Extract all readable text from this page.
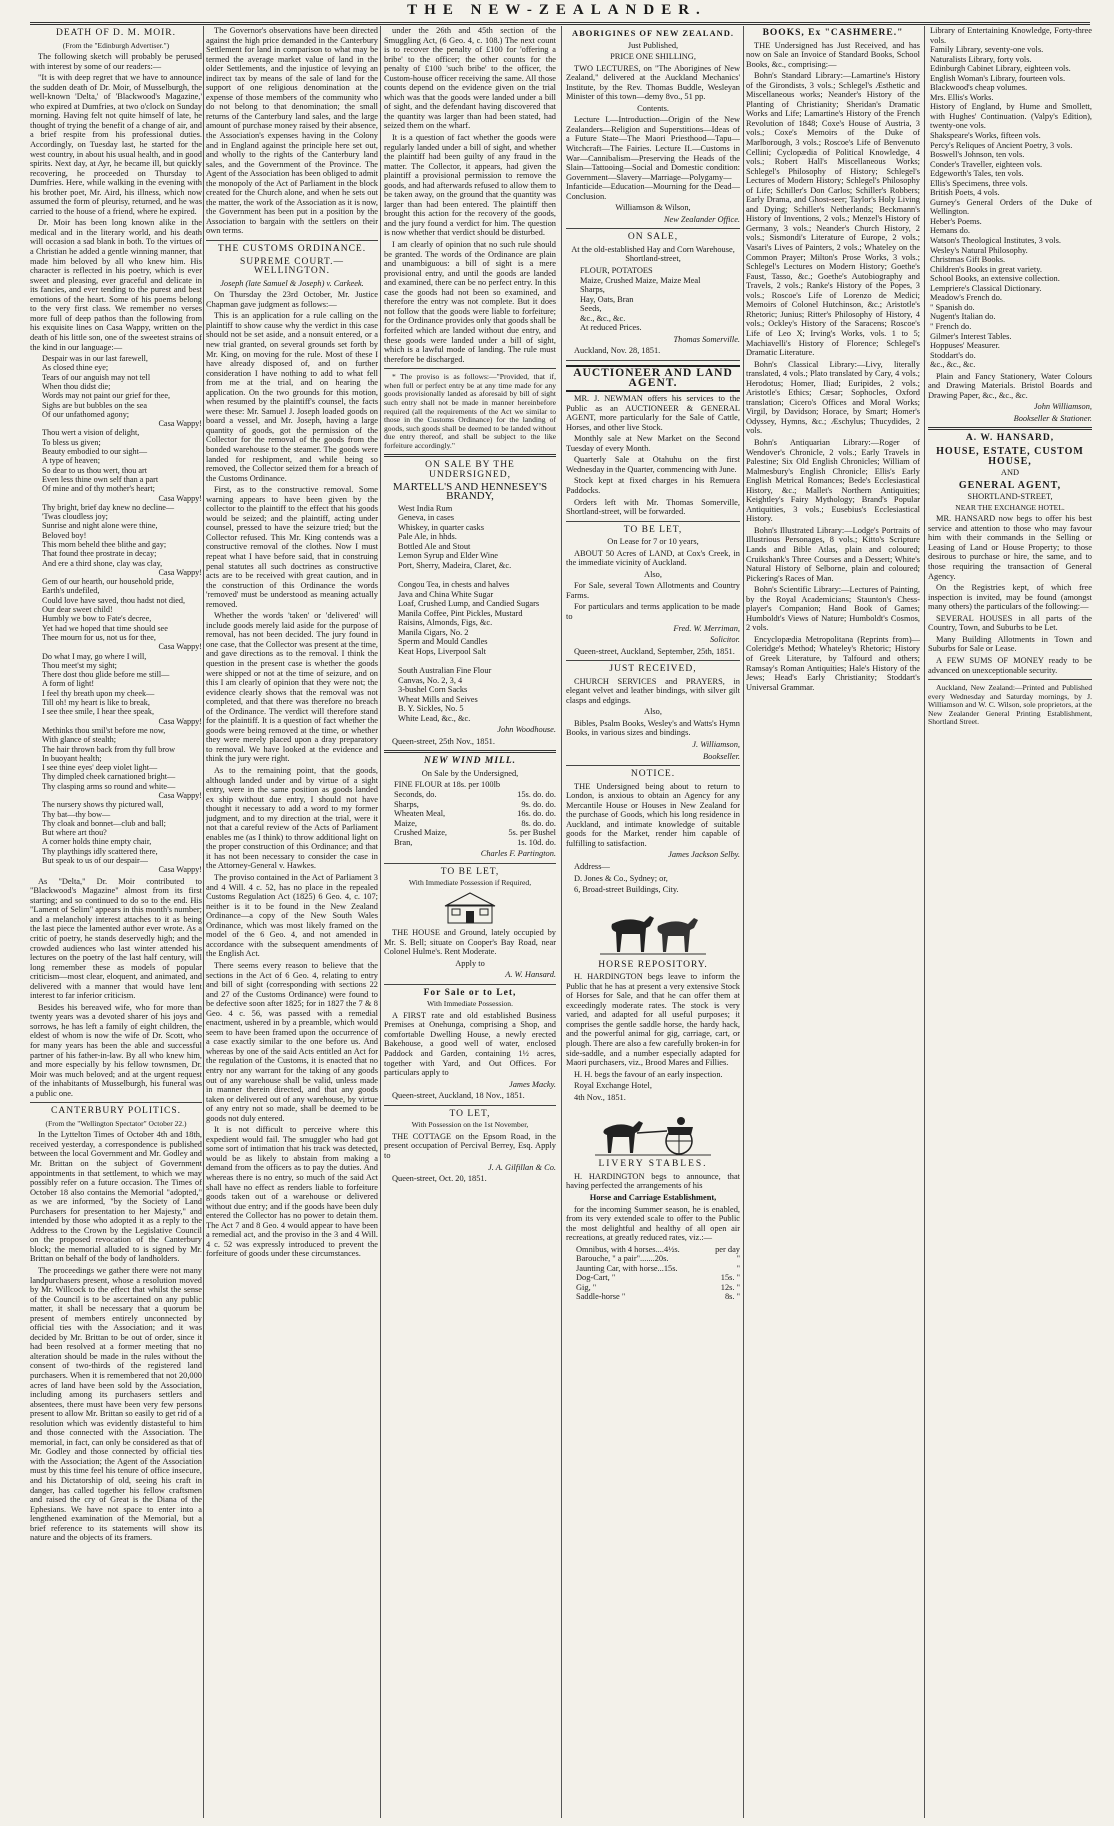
THE NEW-ZEALANDER.
DEATH OF D. M. MOIR.
(From the "Edinburgh Advertiser.")

The following sketch will probably be perused with interest by some of our readers:—

"It is with deep regret that we have to announce the sudden death of Dr. Moir, of Musselburgh, the well-known 'Delta,' of 'Blackwood's Magazine,' who expired at Dumfries, at two o'clock on Sunday morning. Having felt not quite himself of late, he thought of trying the benefit of a change of air, and a brief respite from his professional duties. Accordingly, on Tuesday last, he started for the west country, in about his usual health, and in good spirits. Next day, at Ayr, he became ill, but quickly recovering, he proceeded on Thursday to Dumfries. Here, while walking in the evening with his brother poet, Mr. Aird, his illness, which now assumed the form of pleurisy, returned, and he was carried to the house of a friend, where he expired.

Dr. Moir has been long known alike in the medical and in the literary world, and his death will occasion a sad blank in both. To the virtues of a Christian he added a gentle winning manner, that made him beloved by all who knew him. His character is reflected in his poetry, which is ever sweet and pleasing, ever graceful and delicate in its fancies, and ever tending to the purest and best emotions of the heart. Some of his poems belong to the very first class. We remember no verses more full of deep pathos than the following from his exquisite lines on Casa Wappy, written on the death of his little son, one of the sweetest strains of the kind in our language:—

Despair was in our last farewell,
As closed thine eye;
Tears of our anguish may not tell
When thou didst die;
Words may not paint our grief for thee,
Sighs are but bubbles on the sea
Of our unfathomed agony;
Casa Wappy!
Thou wert a vision of delight,
To bless us given;
Beauty embodied to our sight—
A type of heaven;
So dear to us thou wert, thou art
Even less thine own self than a part
Of mine and of thy mother's heart;
Casa Wappy!
Thy bright, brief day knew no decline—
'Twas cloudless joy;
Sunrise and night alone were thine,
Beloved boy!
This morn beheld thee blithe and gay;
That found thee prostrate in decay;
And ere a third shone, clay was clay,
Casa Wappy!
Gem of our hearth, our household pride,
Earth's undefiled,
Could love have saved, thou hadst not died,
Our dear sweet child!
Humbly we bow to Fate's decree,
Yet had we hoped that time should see
Thee mourn for us, not us for thee,
Casa Wappy!
Do what I may, go where I will,
Thou meet'st my sight;
There dost thou glide before me still—
A form of light!
I feel thy breath upon my cheek—
Till oh! my heart is like to break,
I see thee smile, I hear thee speak,
Casa Wappy!
Methinks thou smil'st before me now,
With glance of stealth;
The hair thrown back from thy full brow
In buoyant health;
I see thine eyes' deep violet light—
Thy dimpled cheek carnationed bright—
Thy clasping arms so round and white—
Casa Wappy!
The nursery shows thy pictured wall,
Thy bat—thy bow—
Thy cloak and bonnet—club and ball;
But where art thou?
A corner holds thine empty chair,
Thy playthings idly scattered there,
But speak to us of our despair—
Casa Wappy!

As "Delta," Dr. Moir contributed to "Blackwood's Magazine" almost from its first starting; and so continued to do so to the end. His "Lament of Selim" appears in this month's number; and a melancholy interest attaches to it as being the last piece the lamented author ever wrote. As a critic of poetry, he stands deservedly high; and the crowded audiences who last winter attended his lectures on the poetry of the last half century, will long remember these as models of popular criticism—most clear, eloquent, and animated, and delivered with a manner that would have lent interest to far inferior criticism.

Besides his bereaved wife, who for more than twenty years was a devoted sharer of his joys and sorrows, he has left a family of eight children, the eldest of whom is now the wife of Dr. Scott, who for many years has been the able and successful partner of his father-in-law. By all who knew him, and more especially by his fellow townsmen, Dr. Moir was much beloved; and at the urgent request of the inhabitants of Musselburgh, his funeral was a public one.

CANTERBURY POLITICS.
(From the "Wellington Spectator" October 22.)

In the Lyttelton Times of October 4th and 18th, received yesterday, a correspondence is published between the local Government and Mr. Godley and Mr. Brittan on the subject of Government appointments in that settlement, to which we may possibly refer on a future occasion. The Times of October 18 also contains the Memorial "adopted," as we are informed, "by the Society of Land Purchasers for presentation to her Majesty," and intended by those who adopted it as a reply to the Address to the Crown by the Legislative Council on the proposed revocation of the Canterbury block; the memorial alluded to is signed by Mr. Brittan on behalf of the body of landholders.

The proceedings we gather there were not many landpurchasers present, whose a resolution moved by Mr. Willcock to the effect that whilst the sense of the Council is to be ascertained on any public matter, it shall be necessary that a quorum be present of members entirely unconnected by official ties with the Association; and it was decided by Mr. Brittan to be out of order, since it had been resolved at a former meeting that no alteration should be made in the rules without the consent of two-thirds of the registered land purchasers. When it is remembered that not 20,000 acres of land have been sold by the Association, including among its purchasers settlers and absentees, there must have been very few persons present to allow Mr. Brittan so easily to get rid of a resolution which was evidently distasteful to him and those connected with the Association. The memorial, in fact, can only be considered as that of Mr. Godley and those connected by official ties with the Association; the Agent of the Association must by this time feel his tenure of office insecure, and his Dictatorship of old, seeing his craft in danger, has called together his fellow craftsmen and raised the cry of Great is the Diana of the Ephesians. We have not space to enter into a lengthened examination of the Memorial, but a brief reference to its statements will show its nature and the objects of its framers.

The Governor's observations have been directed against the high price demanded in the Canterbury Settlement for land in comparison to what may be termed the average market value of land in the older Settlements, and the injustice of levying an indirect tax by means of the sale of land for the support of one religious denomination at the expense of those members of the community who do not belong to that denomination; the small returns of the Canterbury land sales, and the large amount of purchase money raised by their absence, the Association's expenses having in the Colony and in England against the principle here set out, and wholly to the rights of the Canterbury land sales, and the Government of the Province. The Agent of the Association has been obliged to admit the monopoly of the Act of Parliament in the block created for the Church alone, and when he sets out the matter, the work of the Association as it is now, the Government has been put in a position by the Association to bargain with the settlers on their own terms.

THE CUSTOMS ORDINANCE.
SUPREME COURT.—WELLINGTON.

Joseph (late Samuel & Joseph) v. Carkeek.

On Thursday the 23rd October, Mr. Justice Chapman gave judgment as follows:—

This is an application for a rule calling on the plaintiff to show cause why the verdict in this case should not be set aside, and a nonsuit entered, or a new trial granted, on several grounds set forth by Mr. King, on moving for the rule. Most of these I have already disposed of, and on further consideration I have nothing to add to what fell from me at the trial, and on hearing the application. On the two grounds for this motion, when resumed by the plaintiff's counsel, the facts were these: Mr. Samuel J. Joseph loaded goods on board a vessel, and Mr. Joseph, having a large quantity of goods, got the permission of the Collector for the removal of the goods from the bonded warehouse to the steamer. The goods were landed for reshipment, and while being so removed, the Collector seized them for a breach of the Customs Ordinance.

First, as to the constructive removal. Some warning appears to have been given by the collector to the plaintiff to the effect that his goods would be seized; and the plaintiff, acting under counsel, pressed to have the seizure tried; but the Collector refused. This Mr. King contends was a constructive removal of the clothes. Now I must repeat what I have before said, that in construing penal statutes all such doctrines as constructive acts are to be received with great caution, and in the construction of this Ordinance the words 'removed' must be understood as meaning actually removed.

Whether the words 'taken' or 'delivered' will include goods merely laid aside for the purpose of removal, has not been decided. The jury found in one case, that the Collector was present at the time, and gave directions as to the removal. I think the question in the present case is whether the goods were shipped or not at the time of seizure, and on this I am clearly of opinion that they were not; the evidence clearly shows that the removal was not completed, and that there was therefore no breach of the Ordinance. The verdict will therefore stand for the plaintiff. It is a question of fact whether the goods were being removed at the time, or whether they were merely placed upon a dray preparatory to removal. We have looked at the evidence and think the jury were right.

As to the remaining point, that the goods, although landed under and by virtue of a sight entry, were in the same position as goods landed ex ship without due entry, I should not have thought it necessary to add a word to my former judgment, and to my direction at the trial, were it not that a careful review of the Acts of Parliament enables me (as I think) to throw additional light on the proper construction of this Ordinance; and that it has not been necessary to consider the case in the Attorney-General v. Hawkes.

The proviso contained in the Act of Parliament 3 and 4 Will. 4 c. 52, has no place in the repealed Customs Regulation Act (1825) 6 Geo. 4, c. 107; neither is it to be found in the New Zealand Ordinance—a copy of the New South Wales Ordinance, which was most likely framed on the model of the 6 Geo. 4, and not amended in accordance with the subsequent amendments of the English Act.

There seems every reason to believe that the sections in the Act of 6 Geo. 4, relating to entry and bill of sight (corresponding with sections 22 and 27 of the Customs Ordinance) were found to be defective soon after 1825; for in 1827 the 7 & 8 Geo. 4 c. 56, was passed with a remedial enactment, ushered in by a preamble, which would seem to have been framed upon the occurrence of a case exactly similar to the one before us. And whereas by one of the said Acts entitled an Act for the regulation of the Customs, it is enacted that no entry nor any warrant for the taking of any goods out of any warehouse shall be valid, unless made in manner therein directed, and that any goods taken or delivered out of any warehouse, by virtue of any entry not so made, shall be deemed to be goods not duly entered.

It is not difficult to perceive where this expedient would fail. The smuggler who had got some sort of intimation that his track was detected, would be as likely to abstain from making a demand from the officers as to pay the duties. And whereas there is no entry, so much of the said Act shall have no effect as renders liable to forfeiture goods taken out of a warehouse or delivered without due entry; and if the goods have been duly entered the Collector has no power to detain them. The Act 7 and 8 Geo. 4 would appear to have been a remedial act, and the proviso in the 3 and 4 Will. 4 c. 52 was expressly introduced to prevent the forfeiture of goods under these circumstances.

under the 26th and 45th section of the Smuggling Act, (6 Geo. 4, c. 108.) The next count is to recover the penalty of £100 for 'offering a bribe' to the officer; the other counts for the penalty of £100 'such bribe' to the officer, the Custom-house officer receiving the same. All those counts depend on the evidence given on the trial which was that the goods were landed under a bill of sight, and the defendant having discovered that the quantity was larger than had been stated, had seized them on the wharf.

It is a question of fact whether the goods were regularly landed under a bill of sight, and whether the plaintiff had been guilty of any fraud in the matter. The Collector, it appears, had given the plaintiff a provisional permission to remove the goods, and had afterwards refused to allow them to be taken away, on the ground that the quantity was larger than had been entered. The plaintiff then brought this action for the recovery of the goods, and the jury found a verdict for him. The question is now whether that verdict should be disturbed.

I am clearly of opinion that no such rule should be granted. The words of the Ordinance are plain and unambiguous: a bill of sight is a mere provisional entry, and until the goods are landed and examined, there can be no perfect entry. In this case the goods had not been so examined, and therefore the entry was not complete. But it does not follow that the goods were liable to forfeiture; for the Ordinance provides only that goods shall be forfeited which are landed without due entry, and these goods were landed under a bill of sight, which is a lawful mode of landing. The rule must therefore be discharged.

* The proviso is as follows:—"Provided, that if, when full or perfect entry be at any time made for any goods provisionally landed as aforesaid by bill of sight such entry shall not be made in manner hereinbefore required (all the requirements of the Act we similar to those in the Customs Ordinance) for the landing of goods, such goods shall be deemed to be landed without due entry thereof, and shall be subject to the like forfeiture accordingly."

ON SALE BY THE UNDERSIGNED,

MARTELL'S AND HENNESEY'S BRANDY,

West India Rum
Geneva, in cases
Whiskey, in quarter casks
Pale Ale, in hhds.
Bottled Ale and Stout
Lemon Syrup and Elder Wine
Port, Sherry, Madeira, Claret, &c.

Congou Tea, in chests and halves
Java and China White Sugar
Loaf, Crushed Lump, and Candied Sugars
Manila Coffee, Pint Pickles, Mustard
Raisins, Almonds, Figs, &c.
Manila Cigars, No. 2
Sperm and Mould Candles
Keat Hops, Liverpool Salt

South Australian Fine Flour
Canvas, No. 2, 3, 4
3-bushel Corn Sacks
Wheat Mills and Seives
B. Y. Sickles, No. 5
White Lead, &c., &c.

John Woodhouse.

Queen-street, 25th Nov., 1851.

NEW WIND MILL.

On Sale by the Undersigned,

FINE FLOUR at 18s. per 100lb
Seconds, do.	15s. do. do.
Sharps,	9s. do. do.
Wheaten Meal,	16s. do. do.
Maize,	8s. do. do.
Crushed Maize,	5s. per Bushel
Bran,	1s. 10d. do.

Charles F. Partington.

TO BE LET,

With Immediate Possession if Required,

THE HOUSE and Ground, lately occupied by Mr. S. Bell; situate on Cooper's Bay Road, near Colonel Hulme's. Rent Moderate.

Apply to

A. W. Hansard.

For Sale or to Let,

With Immediate Possession.

A FIRST rate and old established Business Premises at Onehunga, comprising a Shop, and comfortable Dwelling House, a newly erected Bakehouse, a good well of water, enclosed Paddock and Garden, containing 1½ acres, together with Yard, and Out Offices. For particulars apply to

James Macky.

Queen-street, Auckland, 18 Nov., 1851.

TO LET,

With Possession on the 1st November,

THE COTTAGE on the Epsom Road, in the present occupation of Percival Berrey, Esq. Apply to

J. A. Gilfillan & Co.

Queen-street, Oct. 20, 1851.

ABORIGINES OF NEW ZEALAND.

Just Published,

PRICE ONE SHILLING,

TWO LECTURES, on "The Aborigines of New Zealand," delivered at the Auckland Mechanics' Institute, by the Rev. Thomas Buddle, Wesleyan Minister of this town—demy 8vo., 51 pp.

Contents.

Lecture I.—Introduction—Origin of the New Zealanders—Religion and Superstitions—Ideas of a Future State—The Maori Priesthood—Tapu—Witchcraft—The Fairies. Lecture II.—Customs in War—Cannibalism—Preserving the Heads of the Slain—Tattooing—Social and Domestic condition: Government—Slavery—Marriage—Polygamy—Infanticide—Education—Mourning for the Dead—Conclusion.

Williamson & Wilson,

New Zealander Office.

ON SALE,

At the old-established Hay and Corn Warehouse, Shortland-street,

FLOUR, POTATOES
Maize, Crushed Maize, Maize Meal
Sharps,
Hay, Oats, Bran
Seeds,
&c., &c., &c.
At reduced Prices.

Thomas Somerville.

Auckland, Nov. 28, 1851.

AUCTIONEER AND LAND AGENT.

MR. J. NEWMAN offers his services to the Public as an AUCTIONEER & GENERAL AGENT, more particularly for the Sale of Cattle, Horses, and other live Stock.

Monthly sale at New Market on the Second Tuesday of every Month.

Quarterly Sale at Otahuhu on the first Wednesday in the Quarter, commencing with June.

Stock kept at fixed charges in his Remuera Paddocks.

Orders left with Mr. Thomas Somerville, Shortland-street, will be forwarded.

TO BE LET,

On Lease for 7 or 10 years,

ABOUT 50 Acres of LAND, at Cox's Creek, in the immediate vicinity of Auckland.

Also,

For Sale, several Town Allotments and Country Farms.

For particulars and terms application to be made to

Fred. W. Merriman,

Solicitor.

Queen-street, Auckland, September, 25th, 1851.

JUST RECEIVED,

CHURCH SERVICES and PRAYERS, in elegant velvet and leather bindings, with silver gilt clasps and edgings.

Also,

Bibles, Psalm Books, Wesley's and Watts's Hymn Books, in various sizes and bindings.

J. Williamson,

Bookseller.

NOTICE.

THE Undersigned being about to return to London, is anxious to obtain an Agency for any Mercantile House or Houses in New Zealand for the purchase of Goods, which his long residence in Auckland, and intimate knowledge of suitable goods for the Market, render him capable of fulfilling to satisfaction.

James Jackson Selby.

Address—

D. Jones & Co., Sydney; or,

6, Broad-street Buildings, City.

HORSE REPOSITORY.

H. HARDINGTON begs leave to inform the Public that he has at present a very extensive Stock of Horses for Sale, and that he can offer them at exceedingly moderate rates. The stock is very varied, and adapted for all useful purposes; it comprises the gentle saddle horse, the hardy hack, and the powerful animal for gig, carriage, cart, or plough. There are also a few carefully broken-in for side-saddle, and a number especially adapted for Maori purchasers, viz., Brood Mares and Fillies.

H. H. begs the favour of an early inspection.

Royal Exchange Hotel,

4th Nov., 1851.

LIVERY STABLES.

H. HARDINGTON begs to announce, that having perfected the arrangements of his

Horse and Carriage Establishment,

for the incoming Summer season, he is enabled, from its very extended scale to offer to the Public the most delightful and healthy of all open air recreations, at greatly reduced rates, viz.:—

Omnibus, with 4 horses....4½s.	per day
Barouche, " a pair".......20s.	"
Jaunting Car, with horse...15s.	"
Dog-Cart, "	15s. "
Gig, "	12s. "
Saddle-horse "	8s. "
BOOKS, Ex "CASHMERE."

THE Undersigned has Just Received, and has now on Sale an Invoice of Standard Books, School Books, &c., comprising:—

Bohn's Standard Library:—Lamartine's History of the Girondists, 3 vols.; Schlegel's Æsthetic and Miscellaneous works; Neander's History of the Planting of Christianity; Sheridan's Dramatic Works and Life; Lamartine's History of the French Revolution of 1848; Coxe's House of Austria, 3 vols.; Coxe's Memoirs of the Duke of Marlborough, 3 vols.; Roscoe's Life of Benvenuto Cellini; Cyclopædia of Political Knowledge, 4 vols.; Robert Hall's Miscellaneous Works; Schlegel's Philosophy of History; Schlegel's Lectures of Modern History; Schlegel's Philosophy of Life; Schiller's Don Carlos; Schiller's Robbers; Early Drama, and Ghost-seer; Taylor's Holy Living and Dying; Schiller's Netherlands; Beckmann's History of Inventions, 2 vols.; Menzel's History of Germany, 3 vols.; Neander's Church History, 2 vols.; Sismondi's Literature of Europe, 2 vols.; Vasari's Lives of Painters, 2 vols.; Whateley on the Common Prayer; Milton's Prose Works, 3 vols.; Schlegel's Lectures on Modern History; Goethe's Faust, Tasso, &c.; Goethe's Autobiography and Travels, 2 vols.; Ranke's History of the Popes, 3 vols.; Roscoe's Life of Lorenzo de Medici; Memoirs of Colonel Hutchinson, &c.; Aristotle's Rhetoric; Junius; Ritter's Philosophy of History, 4 vols.; Ockley's History of the Saracens; Roscoe's Life of Leo X; Irving's Works, vols. 1 to 5; Machiavelli's History of Florence; Schlegel's Dramatic Literature.

Bohn's Classical Library:—Livy, literally translated, 4 vols.; Plato translated by Cary, 4 vols.; Herodotus; Homer, Iliad; Euripides, 2 vols.; Aristotle's Ethics; Cæsar; Sophocles, Oxford translation; Cicero's Offices and Moral Works; Virgil, by Davidson; Horace, by Smart; Homer's Odyssey, Hymns, &c.; Æschylus; Thucydides, 2 vols.

Bohn's Antiquarian Library:—Roger of Wendover's Chronicle, 2 vols.; Early Travels in Palestine; Six Old English Chronicles; William of Malmesbury's English Chronicle; Ellis's Early English Metrical Romances; Bede's Ecclesiastical History, &c.; Mallet's Northern Antiquities; Keightley's Fairy Mythology; Brand's Popular Antiquities, 3 vols.; Eusebius's Ecclesiastical History.

Bohn's Illustrated Library:—Lodge's Portraits of Illustrious Personages, 8 vols.; Kitto's Scripture Lands and Bible Atlas, plain and coloured; Cruikshank's Three Courses and a Dessert; White's Natural History of Selborne, plain and coloured; Pickering's Races of Man.

Bohn's Scientific Library:—Lectures of Painting, by the Royal Academicians; Staunton's Chess-player's Companion; Hand Book of Games; Humboldt's Views of Nature; Humboldt's Cosmos, 2 vols.

Encyclopædia Metropolitana (Reprints from)—Coleridge's Method; Whateley's Rhetoric; History of Greek Literature, by Talfourd and others; Ramsay's Roman Antiquities; Hale's History of the Jews; Head's Early Christianity; Stoddart's Universal Grammar.

Library of Entertaining Knowledge, Forty-three vols.
Family Library, seventy-one vols.
Naturalists Library, forty vols.
Edinburgh Cabinet Library, eighteen vols.
English Woman's Library, fourteen vols.
Blackwood's cheap volumes.
Mrs. Ellis's Works.
History of England, by Hume and Smollett, with Hughes' Continuation. (Valpy's Edition), twenty-one vols.
Shakspeare's Works, fifteen vols.
Percy's Reliques of Ancient Poetry, 3 vols.
Boswell's Johnson, ten vols.
Conder's Traveller, eighteen vols.
Edgeworth's Tales, ten vols.
Ellis's Specimens, three vols.
British Poets, 4 vols.
Gurney's General Orders of the Duke of Wellington.
Heber's Poems.
Hemans do.
Watson's Theological Institutes, 3 vols.
Wesley's Natural Philosophy.
Christmas Gift Books.
Children's Books in great variety.
School Books, an extensive collection.
Lempriere's Classical Dictionary.
Meadow's French do.
" Spanish do.
Nugent's Italian do.
" French do.
Gilmer's Interest Tables.
Hoppuses' Measurer.
Stoddart's do.
&c., &c., &c.

Plain and Fancy Stationery, Water Colours and Drawing Materials. Bristol Boards and Drawing Paper, &c., &c., &c.

John Williamson,

Bookseller & Stationer.

A. W. HANSARD,
HOUSE, ESTATE, CUSTOM HOUSE,

AND

GENERAL AGENT,

SHORTLAND-STREET,

NEAR THE EXCHANGE HOTEL.

MR. HANSARD now begs to offer his best service and attention to those who may favour him with their commands in the Selling or Leasing of Land or House Property; to those desirous to purchase or hire, the same, and to those requiring the transaction of General Agency.

On the Registries kept, of which free inspection is invited, may be found (amongst many others) the particulars of the following:—

SEVERAL HOUSES in all parts of the Country, Town, and Suburbs to be Let.

Many Building Allotments in Town and Suburbs for Sale or Lease.

A FEW SUMS OF MONEY ready to be advanced on unexceptionable security.

Auckland, New Zealand:—Printed and Published every Wednesday and Saturday mornings, by J. Williamson and W. C. Wilson, sole proprietors, at the New Zealander General Printing Establishment, Shortland Street.
